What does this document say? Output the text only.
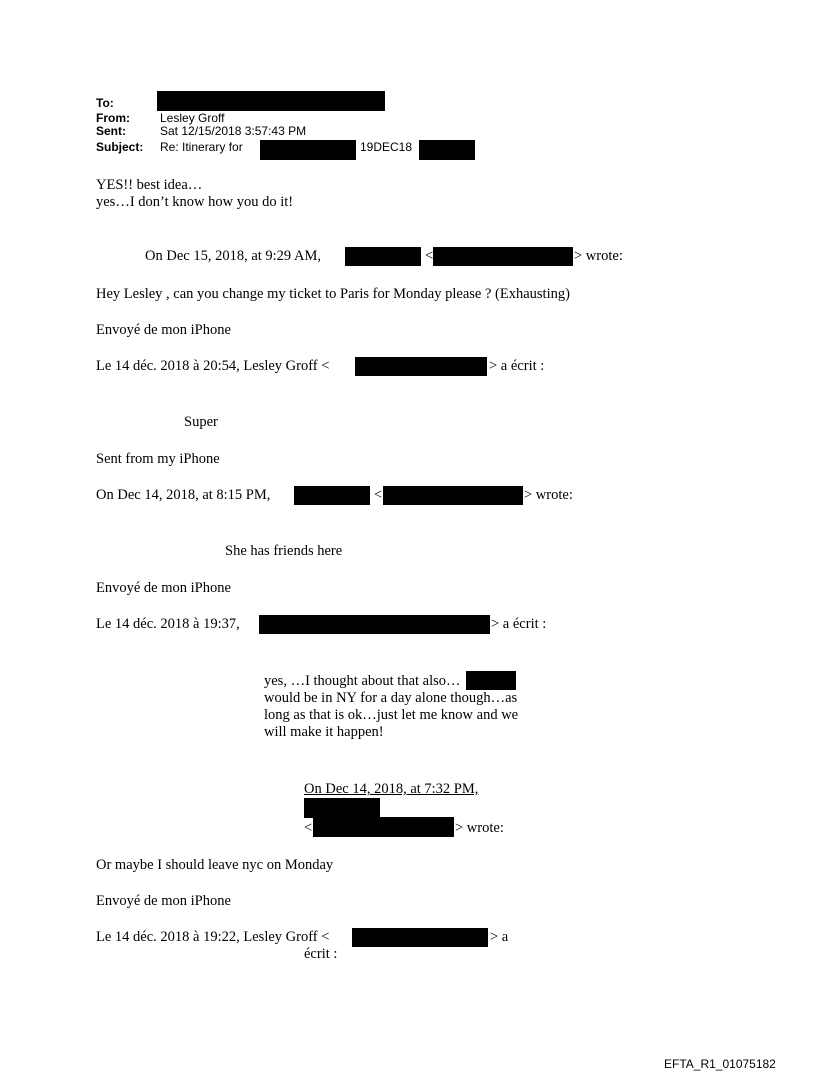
To:
From:	Lesley Groff
Sent:	Sat 12/15/2018 3:57:43 PM
Subject: Re: Itinerary for	19DEC18
YES!! best idea…
yes…I don’t know how you do it!
On Dec 15, 2018, at 9:29 AM,	<	> wrote:
Hey Lesley , can you change my ticket to Paris for Monday please ? (Exhausting)
Envoyé de mon iPhone
Le 14 déc. 2018 à 20:54, Lesley Groff <	> a écrit :
Super
Sent from my iPhone
On Dec 14, 2018, at 8:15 PM,	<	> wrote:
She has friends here
Envoyé de mon iPhone
Le 14 déc. 2018 à 19:37,	> a écrit :
yes, …I thought about that also…
would be in NY for a day alone though…as
long as that is ok…just let me know and we
will make it happen!
On Dec 14, 2018, at 7:32 PM,
<	> wrote:
Or maybe I should leave nyc on Monday
Envoyé de mon iPhone
Le 14 déc. 2018 à 19:22, Lesley Groff <	> a
écrit :
EFTA_R1_01075182
